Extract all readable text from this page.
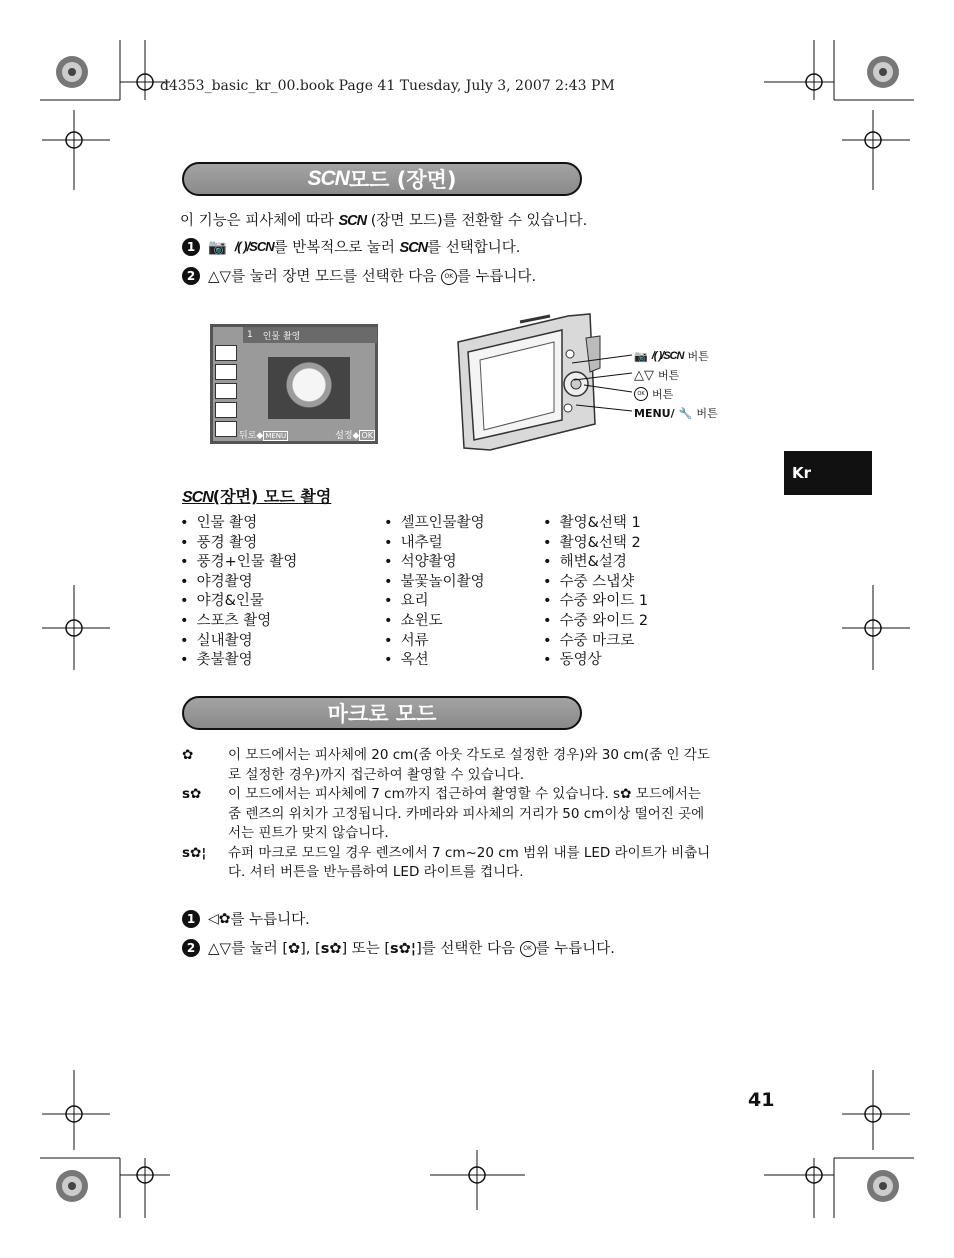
d4353_basic_kr_00.book Page 41 Tuesday, July 3, 2007 2:43 PM
SCN 모드 (장면)
이 기능은 피사체에 따라 SCN (장면 모드)를 전환할 수 있습니다.
1 📷 /( )/SCN 를 반복적으로 눌러 SCN를 선택합니다.
2 △▽ 를 눌러 장면 모드를 선택한 다음 OK 를 누릅니다.
1 인물 촬영
뒤로◆ MENU	설정◆ OK
📷 /( )/SCN 버튼
△▽ 버튼
OK 버튼
MENU/ 🔧 버튼
Kr
SCN(장면) 모드 촬영
• 인물 촬영
• 풍경 촬영
• 풍경+인물 촬영
• 야경촬영
• 야경&인물
• 스포츠 촬영
• 실내촬영
• 촛불촬영
• 셀프인물촬영
• 내추럴
• 석양촬영
• 불꽃놀이촬영
• 요리
• 쇼윈도
• 서류
• 옥션
• 촬영&선택 1
• 촬영&선택 2
• 해변&설경
• 수중 스냅샷
• 수중 와이드 1
• 수중 와이드 2
• 수중 마크로
• 동영상
마크로 모드
✿	이 모드에서는 피사체에 20 cm(줌 아웃 각도로 설정한 경우)와 30 cm(줌 인 각도
로 설정한 경우)까지 접근하여 촬영할 수 있습니다.
s✿	이 모드에서는 피사체에 7 cm까지 접근하여 촬영할 수 있습니다. s✿ 모드에서는
줌 렌즈의 위치가 고정됩니다. 카메라와 피사체의 거리가 50 cm이상 떨어진 곳에
서는 핀트가 맞지 않습니다.
s✿¦	슈퍼 마크로 모드일 경우 렌즈에서 7 cm~20 cm 범위 내를 LED 라이트가 비춥니
다. 셔터 버튼을 반누름하여 LED 라이트를 켭니다.
1 ◁✿ 를 누릅니다.
2 △▽ 를 눌러 [✿], [s✿] 또는 [s✿¦]를 선택한 다음 OK 를 누릅니다.
41
